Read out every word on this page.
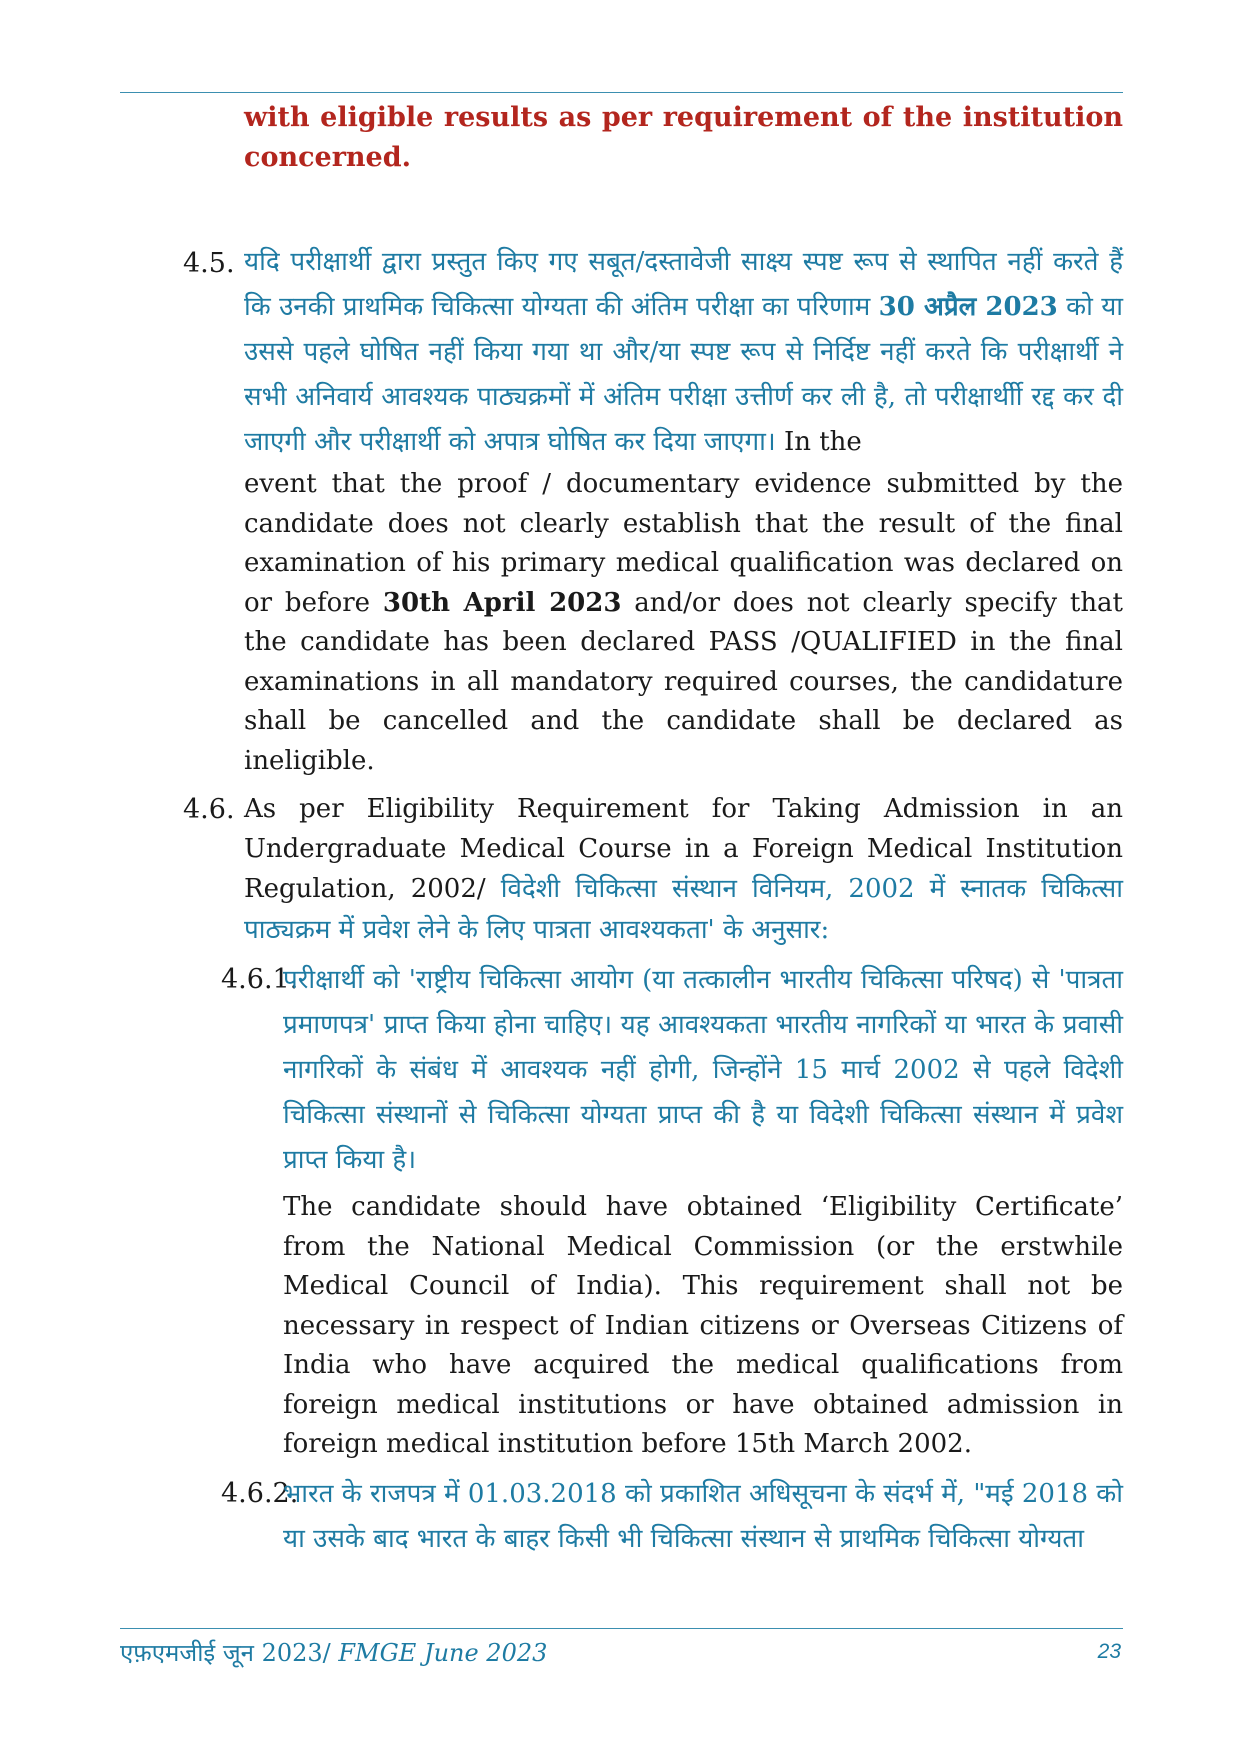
with eligible results as per requirement of the institution concerned.
4.5. यदि परीक्षार्थी द्वारा प्रस्तुत किए गए सबूत/दस्तावेजी साक्ष्य स्पष्ट रूप से स्थापित नहीं करते हैं कि उनकी प्राथमिक चिकित्सा योग्यता की अंतिम परीक्षा का परिणाम 30 अप्रैल 2023 को या उससे पहले घोषित नहीं किया गया था और/या स्पष्ट रूप से निर्दिष्ट नहीं करते कि परीक्षार्थी ने सभी अनिवार्य आवश्यक पाठ्यक्रमों में अंतिम परीक्षा उत्तीर्ण कर ली है, तो परीक्षार्थीी रद्द कर दी जाएगी और परीक्षार्थी को अपात्र घोषित कर दिया जाएगा। In the
event that the proof / documentary evidence submitted by the candidate does not clearly establish that the result of the final examination of his primary medical qualification was declared on or before 30th April 2023 and/or does not clearly specify that the candidate has been declared PASS /QUALIFIED in the final examinations in all mandatory required courses, the candidature shall be cancelled and the candidate shall be declared as ineligible.
4.6. As per Eligibility Requirement for Taking Admission in an Undergraduate Medical Course in a Foreign Medical Institution Regulation, 2002/ विदेशी चिकित्सा संस्थान विनियम, 2002 में स्नातक चिकित्सा पाठ्यक्रम में प्रवेश लेने के लिए पात्रता आवश्यकता' के अनुसार:
4.6.1.
परीक्षार्थी को 'राष्ट्रीय चिकित्सा आयोग (या तत्कालीन भारतीय चिकित्सा परिषद) से 'पात्रता प्रमाणपत्र' प्राप्त किया होना चाहिए। यह आवश्यकता भारतीय नागरिकों या भारत के प्रवासी नागरिकों के संबंध में आवश्यक नहीं होगी, जिन्होंने 15 मार्च 2002 से पहले विदेशी चिकित्सा संस्थानों से चिकित्सा योग्यता प्राप्त की है या विदेशी चिकित्सा संस्थान में प्रवेश प्राप्त किया है।
The candidate should have obtained ‘Eligibility Certificate’ from the National Medical Commission (or the erstwhile Medical Council of India). This requirement shall not be necessary in respect of Indian citizens or Overseas Citizens of India who have acquired the medical qualifications from foreign medical institutions or have obtained admission in foreign medical institution before 15th March 2002.
4.6.2.
भारत के राजपत्र में 01.03.2018 को प्रकाशित अधिसूचना के संदर्भ में, "मई 2018 को या उसके बाद भारत के बाहर किसी भी चिकित्सा संस्थान से प्राथमिक चिकित्सा योग्यता
एफ़एमजीई जून 2023/ FMGE June 2023	23
